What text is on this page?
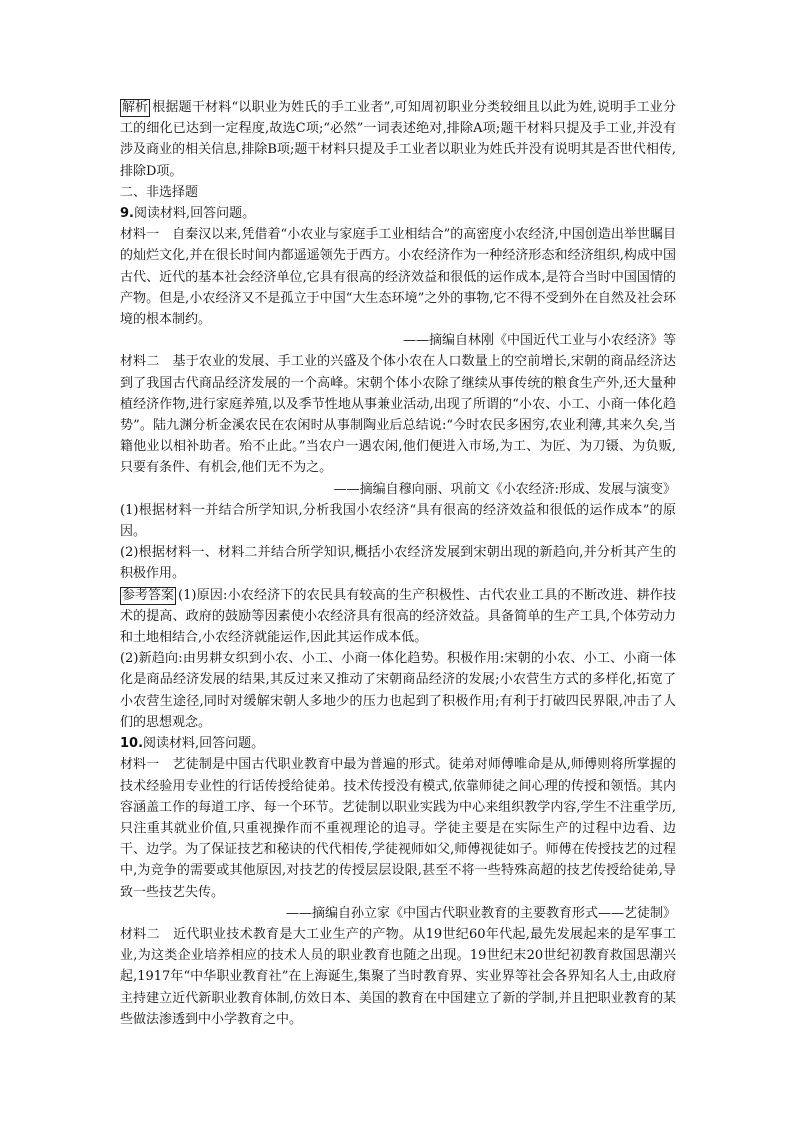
解析 根据题干材料“以职业为姓氏的手工业者”,可知周初职业分类较细且以此为姓,说明手工业分工的细化已达到一定程度,故选C项;“必然”一词表述绝对,排除A项;题干材料只提及手工业,并没有涉及商业的相关信息,排除B项;题干材料只提及手工业者以职业为姓氏并没有说明其是否世代相传,排除D项。

二、非选择题

9.阅读材料,回答问题。

材料一　自秦汉以来,凭借着“小农业与家庭手工业相结合”的高密度小农经济,中国创造出举世瞩目的灿烂文化,并在很长时间内都遥遥领先于西方。小农经济作为一种经济形态和经济组织,构成中国古代、近代的基本社会经济单位,它具有很高的经济效益和很低的运作成本,是符合当时中国国情的产物。但是,小农经济又不是孤立于中国“大生态环境”之外的事物,它不得不受到外在自然及社会环境的根本制约。

——摘编自林刚《中国近代工业与小农经济》等

材料二　基于农业的发展、手工业的兴盛及个体小农在人口数量上的空前增长,宋朝的商品经济达到了我国古代商品经济发展的一个高峰。宋朝个体小农除了继续从事传统的粮食生产外,还大量种植经济作物,进行家庭养殖,以及季节性地从事兼业活动,出现了所谓的“小农、小工、小商一体化趋势”。陆九渊分析金溪农民在农闲时从事制陶业后总结说:“今时农民多困穷,农业利薄,其来久矣,当籍他业以相补助者。殆不止此。”当农户一遇农闲,他们便进入市场,为工、为匠、为刀镊、为负贩,只要有条件、有机会,他们无不为之。

——摘编自穆向丽、巩前文《小农经济:形成、发展与演变》

(1)根据材料一并结合所学知识,分析我国小农经济“具有很高的经济效益和很低的运作成本”的原因。

(2)根据材料一、材料二并结合所学知识,概括小农经济发展到宋朝出现的新趋向,并分析其产生的积极作用。

参考答案 (1)原因:小农经济下的农民具有较高的生产积极性、古代农业工具的不断改进、耕作技术的提高、政府的鼓励等因素使小农经济具有很高的经济效益。具备简单的生产工具,个体劳动力和土地相结合,小农经济就能运作,因此其运作成本低。

(2)新趋向:由男耕女织到小农、小工、小商一体化趋势。积极作用:宋朝的小农、小工、小商一体化是商品经济发展的结果,其反过来又推动了宋朝商品经济的发展;小农营生方式的多样化,拓宽了小农营生途径,同时对缓解宋朝人多地少的压力也起到了积极作用;有利于打破四民界限,冲击了人们的思想观念。

10.阅读材料,回答问题。

材料一　艺徒制是中国古代职业教育中最为普遍的形式。徒弟对师傅唯命是从,师傅则将所掌握的技术经验用专业性的行话传授给徒弟。技术传授没有模式,依靠师徒之间心理的传授和领悟。其内容涵盖工作的每道工序、每一个环节。艺徒制以职业实践为中心来组织教学内容,学生不注重学历,只注重其就业价值,只重视操作而不重视理论的追寻。学徒主要是在实际生产的过程中边看、边干、边学。为了保证技艺和秘诀的代代相传,学徒视师如父,师傅视徒如子。师傅在传授技艺的过程中,为竞争的需要或其他原因,对技艺的传授层层设限,甚至不将一些特殊高超的技艺传授给徒弟,导致一些技艺失传。

——摘编自孙立家《中国古代职业教育的主要教育形式——艺徒制》

材料二　近代职业技术教育是大工业生产的产物。从19世纪60年代起,最先发展起来的是军事工业,为这类企业培养相应的技术人员的职业教育也随之出现。19世纪末20世纪初教育救国思潮兴起,1917年“中华职业教育社”在上海诞生,集聚了当时教育界、实业界等社会各界知名人士,由政府主持建立近代新职业教育体制,仿效日本、美国的教育在中国建立了新的学制,并且把职业教育的某些做法渗透到中小学教育之中。
